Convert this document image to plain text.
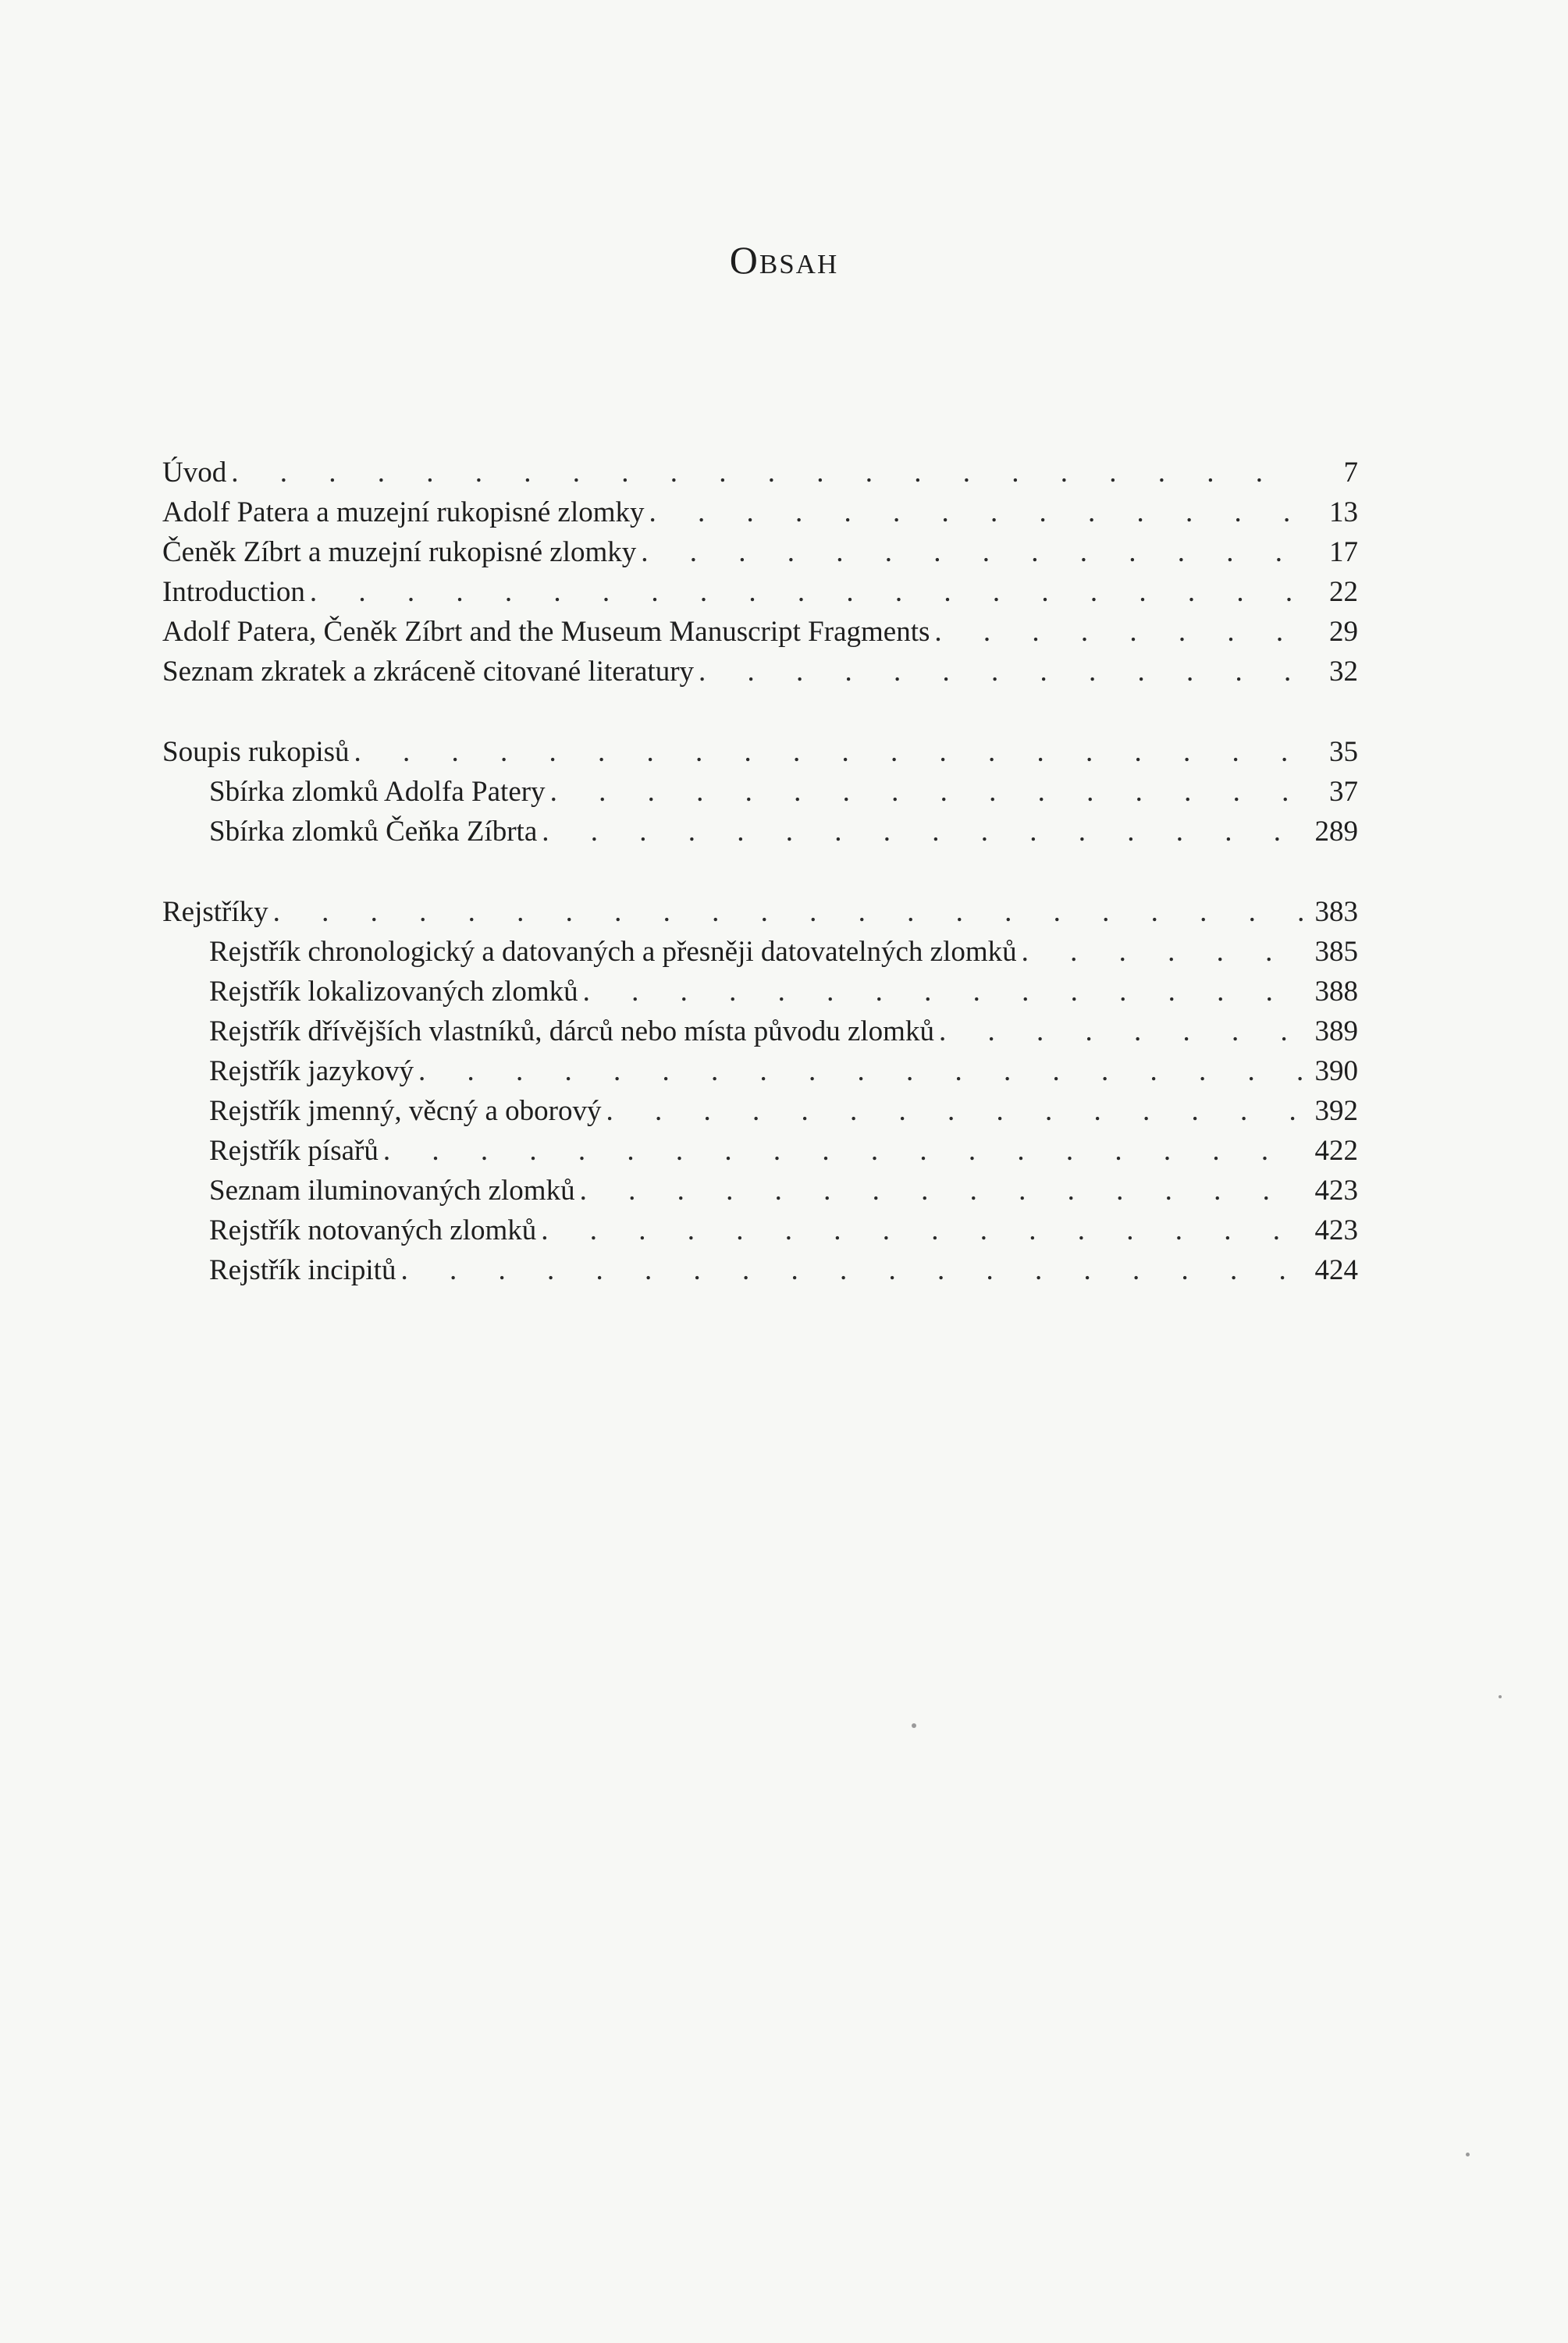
Obsah
Úvod . . .	7
Adolf Patera a muzejní rukopisné zlomky . . .	13
Čeněk Zíbrt a muzejní rukopisné zlomky . . .	17
Introduction . . .	22
Adolf Patera, Čeněk Zíbrt and the Museum Manuscript Fragments . . .	29
Seznam zkratek a zkráceně citované literatury . . .	32
Soupis rukopisů . . .	35
Sbírka zlomků Adolfa Patery . . .	37
Sbírka zlomků Čeňka Zíbrta . . .	289
Rejstříky . . .	383
Rejstřík chronologický a datovaných a přesněji datovatelných zlomků . . .	385
Rejstřík lokalizovaných zlomků . . .	388
Rejstřík dřívějších vlastníků, dárců nebo místa původu zlomků . . .	389
Rejstřík jazykový . . .	390
Rejstřík jmenný, věcný a oborový . . .	392
Rejstřík písařů . . .	422
Seznam iluminovaných zlomků . . .	423
Rejstřík notovaných zlomků . . .	423
Rejstřík incipitů . . .	424
